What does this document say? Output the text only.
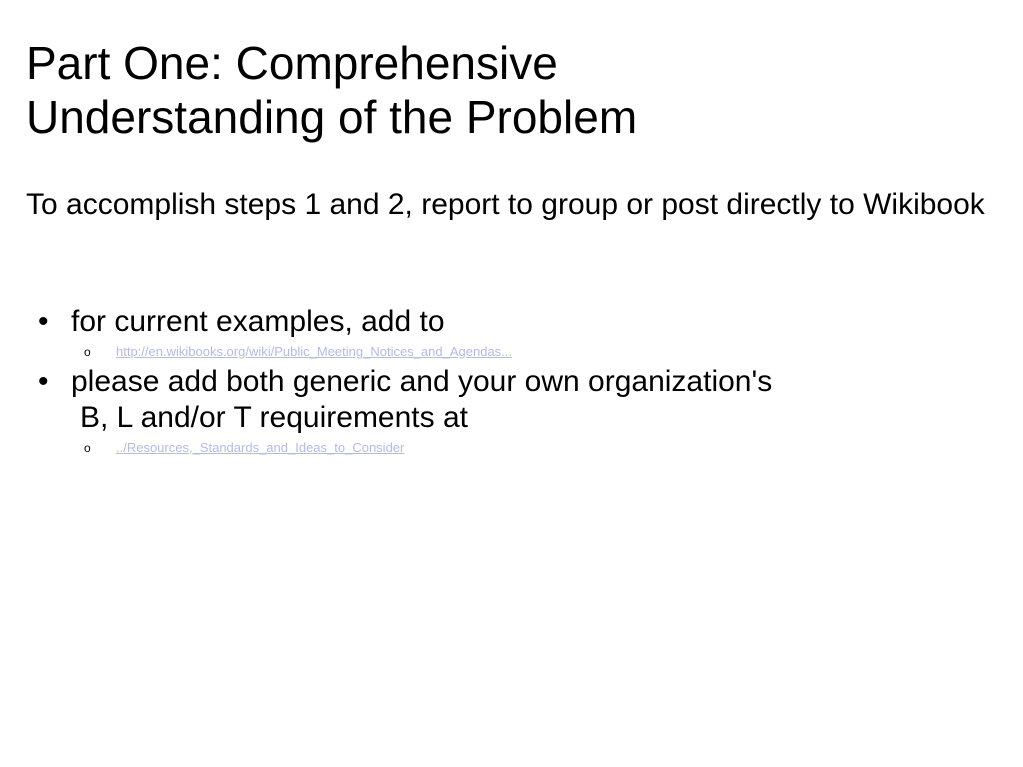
Part One: Comprehensive
Understanding of the Problem

To accomplish steps 1 and 2, report to group or post directly to Wikibook

• for current examples, add to
o http://en.wikibooks.org/wiki/Public_Meeting_Notices_and_Agendas...
• please add both generic and your own organization's
B, L and/or T requirements at
o ../Resources,_Standards_and_Ideas_to_Consider
